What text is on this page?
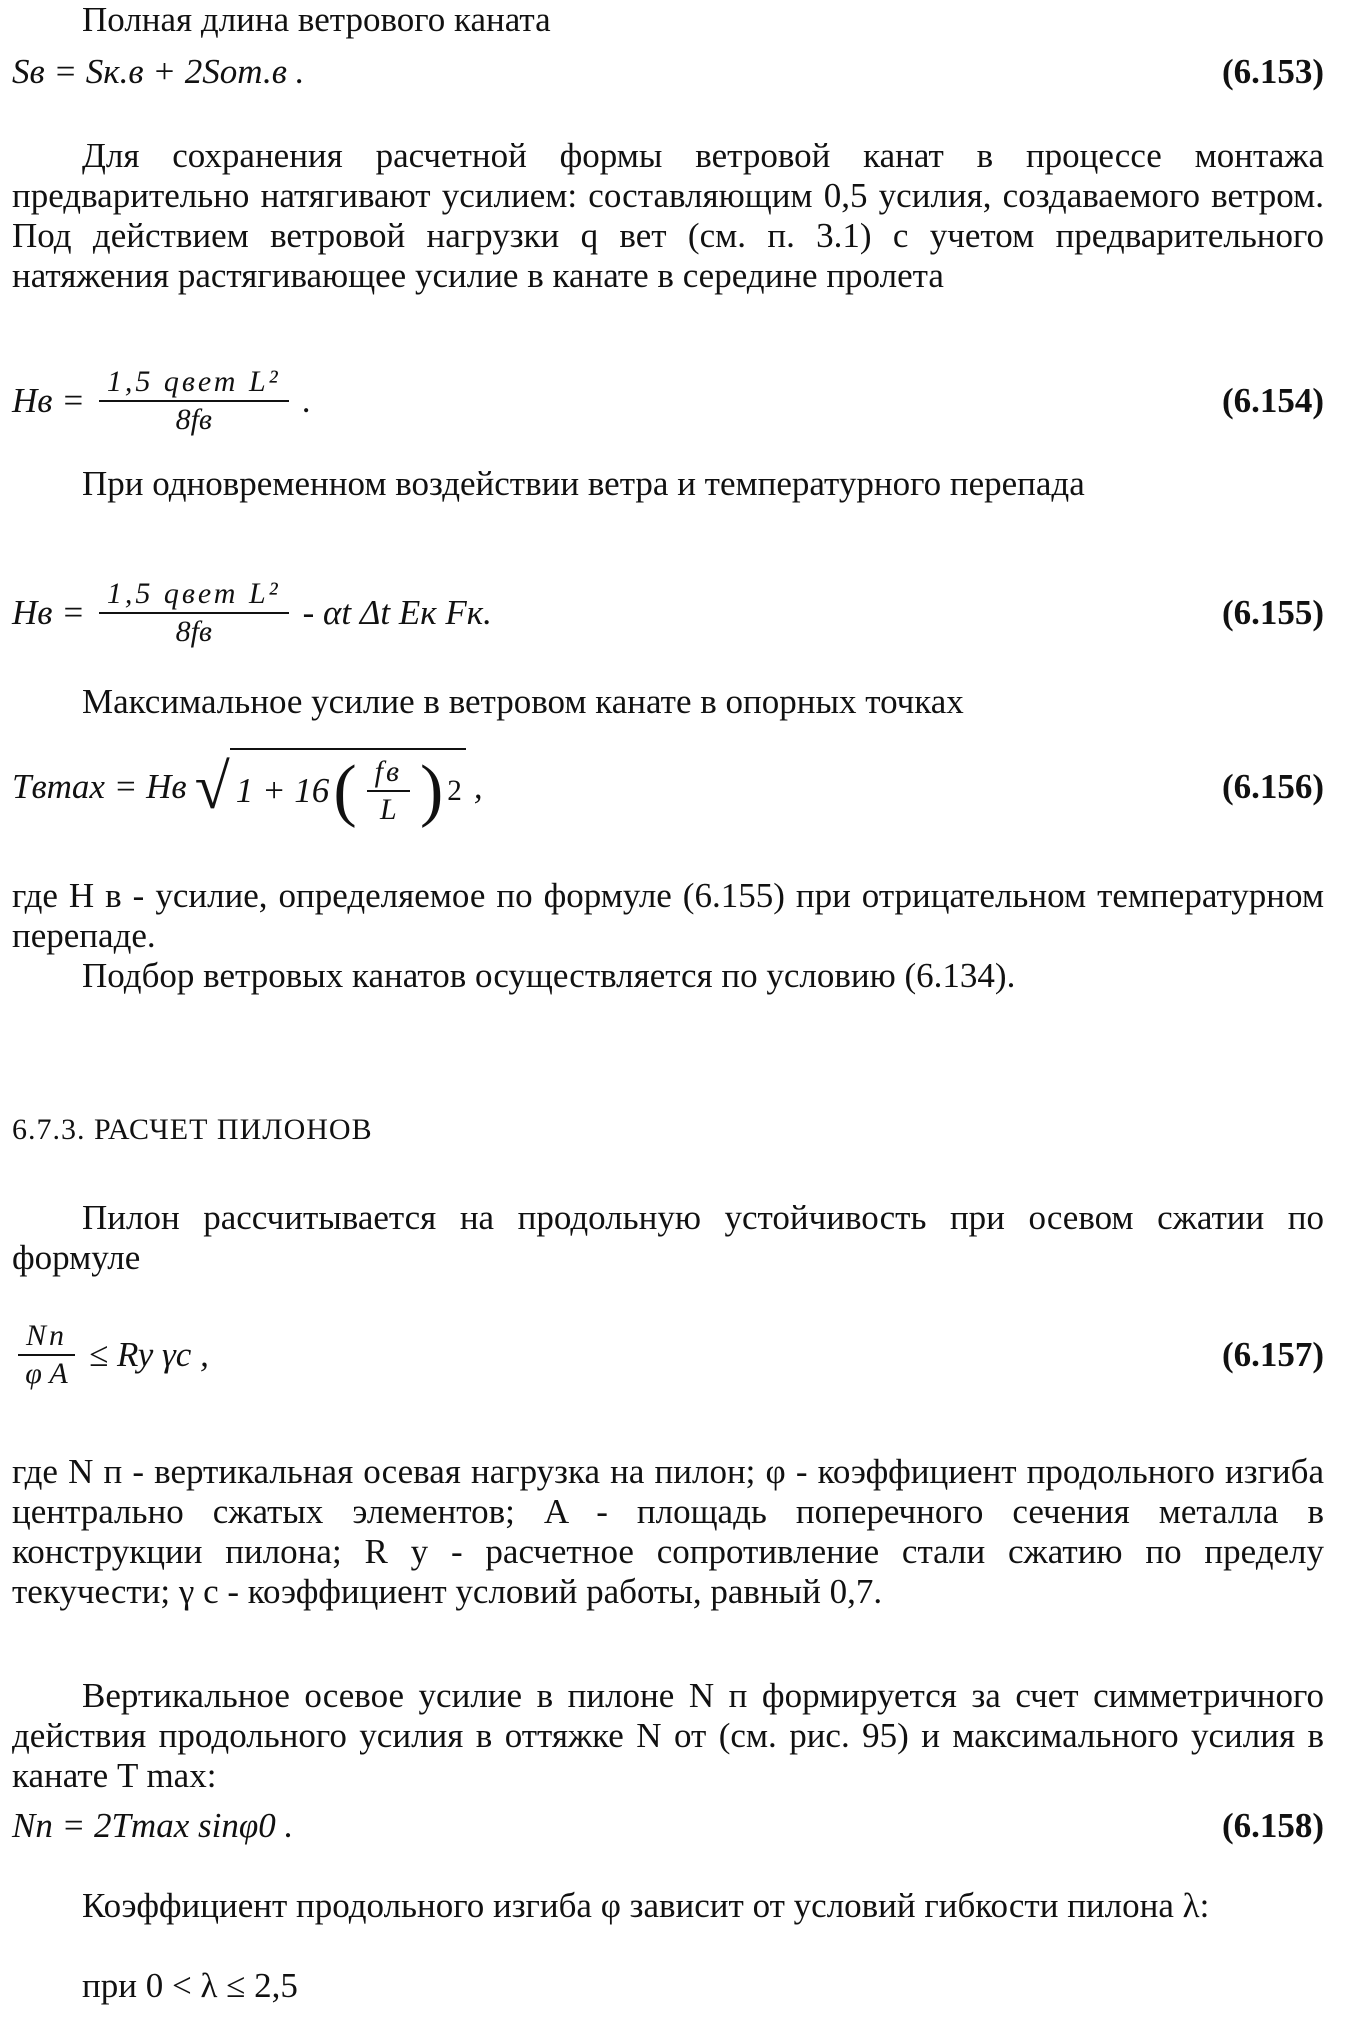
Полная длина ветрового каната
Sв = Sк.в + 2Sот.в .	(6.153)
Для сохранения расчетной формы ветровой канат в процессе монтажа предварительно натягивают усилием: составляющим 0,5 усилия, создаваемого ветром. Под действием ветровой нагрузки q вет (см. п. 3.1) с учетом предварительного натяжения растягивающее усилие в канате в середине пролета
Hв = $\frac{\text{1,5 qвет L²}}{8fв}$ .	(6.154)
При одновременном воздействии ветра и температурного перепада
Hв = $\frac{\text{1,5 qвет L²}}{8fв}$ - αt Δt Eк Fк.	(6.155)
Максимальное усилие в ветровом канате в опорных точках
Tвmax = Hв √ 1 + 16 ( $\frac{fв}{L}$ ) 2 ,	(6.156)
где H в - усилие, определяемое по формуле (6.155) при отрицательном температурном перепаде.
Подбор ветровых канатов осуществляется по условию (6.134).
6.7.3. РАСЧЕТ ПИЛОНОВ
Пилон рассчитывается на продольную устойчивость при осевом сжатии по формуле
$\frac{Nп}{\text{φ A}} \le Ry$ γc ,	(6.157)
где N п - вертикальная осевая нагрузка на пилон; φ - коэффициент продольного изгиба центрально сжатых элементов; A - площадь поперечного сечения металла в конструкции пилона; R y - расчетное сопротивление стали сжатию по пределу текучести; γ с - коэффициент условий работы, равный 0,7.
Вертикальное осевое усилие в пилоне N п формируется за счет симметричного действия продольного усилия в оттяжке N от (см. рис. 95) и максимального усилия в канате T max:
Nп = 2Tmax sinφ0 .	(6.158)
Коэффициент продольного изгиба φ зависит от условий гибкости пилона λ:
при 0 < λ ≤ 2,5
